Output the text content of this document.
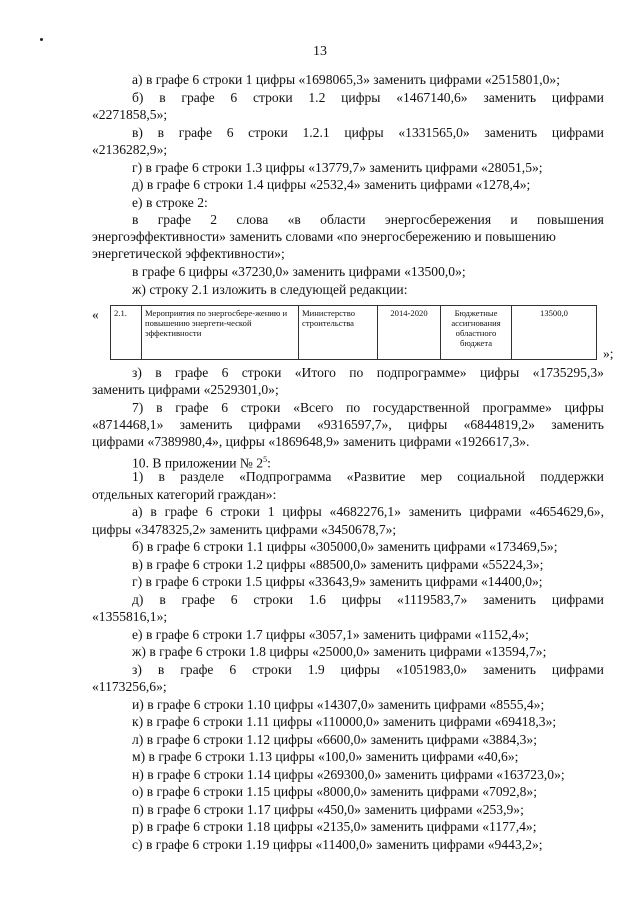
13
а) в графе 6 строки 1 цифры «1698065,3» заменить цифрами «2515801,0»;
б) в графе 6 строки 1.2 цифры «1467140,6» заменить цифрами
«2271858,5»;
в) в графе 6 строки 1.2.1 цифры «1331565,0» заменить цифрами
«2136282,9»;
г) в графе 6 строки 1.3 цифры «13779,7» заменить цифрами «28051,5»;
д) в графе 6 строки 1.4 цифры «2532,4» заменить цифрами «1278,4»;
е) в строке 2:
в графе 2 слова «в области энергосбережения и повышения
энергоэффективности» заменить словами «по энергосбережению и повышению
энергетической эффективности»;
в графе 6 цифры «37230,0» заменить цифрами «13500,0»;
ж) строку 2.1 изложить в следующей редакции:
« 2.1.	Мероприятия по энергосбере-жению и повышению энергети-ческой эффективности	Министерство строительства	2014-2020	Бюджетные ассигнования областного бюджета	13500,0
»;
з) в графе 6 строки «Итого по подпрограмме» цифры «1735295,3»
заменить цифрами «2529301,0»;
7) в графе 6 строки «Всего по государственной программе» цифры
«8714468,1» заменить цифрами «9316597,7», цифры «6844819,2» заменить
цифрами «7389980,4», цифры «1869648,9» заменить цифрами «1926617,3».
10. В приложении № $2^5$:
1) в разделе «Подпрограмма «Развитие мер социальной поддержки
отдельных категорий граждан»:
а) в графе 6 строки 1 цифры «4682276,1» заменить цифрами «4654629,6»,
цифры «3478325,2» заменить цифрами «3450678,7»;
б) в графе 6 строки 1.1 цифры «305000,0» заменить цифрами «173469,5»;
в) в графе 6 строки 1.2 цифры «88500,0» заменить цифрами «55224,3»;
г) в графе 6 строки 1.5 цифры «33643,9» заменить цифрами «14400,0»;
д) в графе 6 строки 1.6 цифры «1119583,7» заменить цифрами
«1355816,1»;
е) в графе 6 строки 1.7 цифры «3057,1» заменить цифрами «1152,4»;
ж) в графе 6 строки 1.8 цифры «25000,0» заменить цифрами «13594,7»;
з) в графе 6 строки 1.9 цифры «1051983,0» заменить цифрами
«1173256,6»;
и) в графе 6 строки 1.10 цифры «14307,0» заменить цифрами «8555,4»;
к) в графе 6 строки 1.11 цифры «110000,0» заменить цифрами «69418,3»;
л) в графе 6 строки 1.12 цифры «6600,0» заменить цифрами «3884,3»;
м) в графе 6 строки 1.13 цифры «100,0» заменить цифрами «40,6»;
н) в графе 6 строки 1.14 цифры «269300,0» заменить цифрами «163723,0»;
о) в графе 6 строки 1.15 цифры «8000,0» заменить цифрами «7092,8»;
п) в графе 6 строки 1.17 цифры «450,0» заменить цифрами «253,9»;
р) в графе 6 строки 1.18 цифры «2135,0» заменить цифрами «1177,4»;
с) в графе 6 строки 1.19 цифры «11400,0» заменить цифрами «9443,2»;
